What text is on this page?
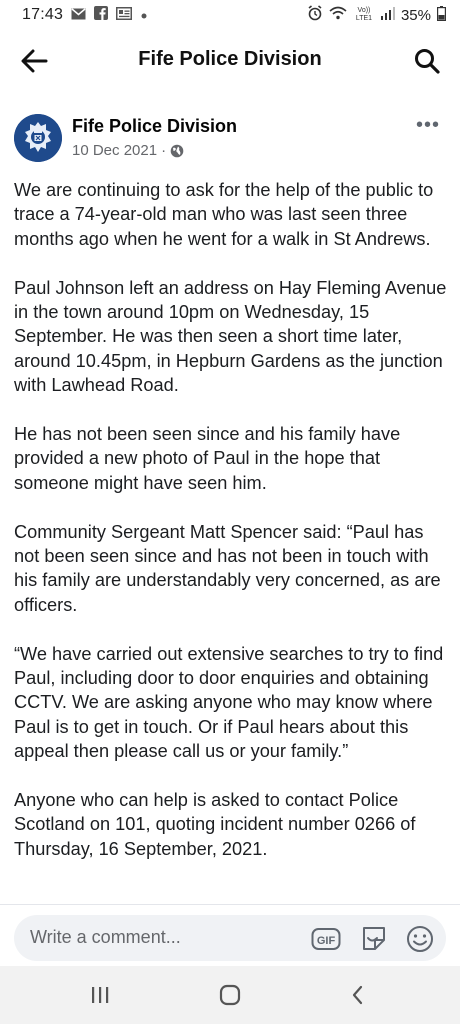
17:43	Vo)) LTE1 35%
Fife Police Division
Fife Police Division
10 Dec 2021 ·
•••

We are continuing to ask for the help of the public to trace a 74-year-old man who was last seen three months ago when he went for a walk in St Andrews.

Paul Johnson left an address on Hay Fleming Avenue in the town around 10pm on Wednesday, 15 September. He was then seen a short time later, around 10.45pm, in Hepburn Gardens as the junction with Lawhead Road.

He has not been seen since and his family have provided a new photo of Paul in the hope that someone might have seen him.

Community Sergeant Matt Spencer said: “Paul has not been seen since and has not been in touch with his family are understandably very concerned, as are officers.

“We have carried out extensive searches to try to find Paul, including door to door enquiries and obtaining CCTV. We are asking anyone who may know where Paul is to get in touch. Or if Paul hears about this appeal then please call us or your family.”

Anyone who can help is asked to contact Police Scotland on 101, quoting incident number 0266 of Thursday, 16 September, 2021.

Write a comment...	GIF
